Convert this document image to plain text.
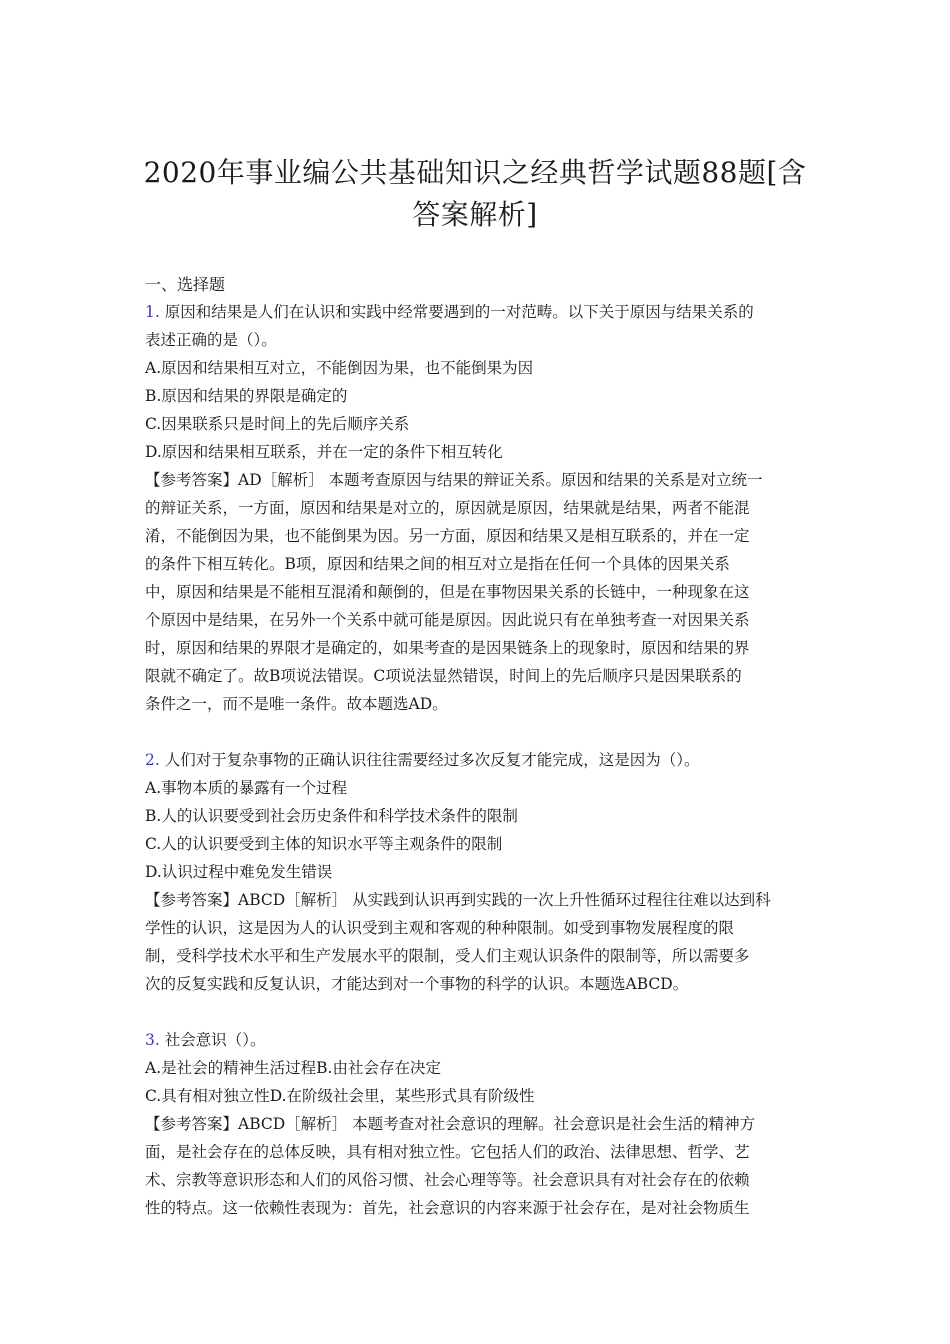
2020年事业编公共基础知识之经典哲学试题88题[含
答案解析]

一、选择题

1. 原因和结果是人们在认识和实践中经常要遇到的一对范畴。以下关于原因与结果关系的

表述正确的是（）。

A.原因和结果相互对立，不能倒因为果，也不能倒果为因

B.原因和结果的界限是确定的

C.因果联系只是时间上的先后顺序关系

D.原因和结果相互联系，并在一定的条件下相互转化

【参考答案】AD［解析］ 本题考查原因与结果的辩证关系。原因和结果的关系是对立统一

的辩证关系，一方面，原因和结果是对立的，原因就是原因，结果就是结果，两者不能混

淆，不能倒因为果，也不能倒果为因。另一方面，原因和结果又是相互联系的，并在一定

的条件下相互转化。B项，原因和结果之间的相互对立是指在任何一个具体的因果关系

中，原因和结果是不能相互混淆和颠倒的，但是在事物因果关系的长链中，一种现象在这

个原因中是结果，在另外一个关系中就可能是原因。因此说只有在单独考查一对因果关系

时，原因和结果的界限才是确定的，如果考查的是因果链条上的现象时，原因和结果的界

限就不确定了。故B项说法错误。C项说法显然错误，时间上的先后顺序只是因果联系的

条件之一，而不是唯一条件。故本题选AD。

2. 人们对于复杂事物的正确认识往往需要经过多次反复才能完成，这是因为（）。

A.事物本质的暴露有一个过程

B.人的认识要受到社会历史条件和科学技术条件的限制

C.人的认识要受到主体的知识水平等主观条件的限制

D.认识过程中难免发生错误

【参考答案】ABCD［解析］ 从实践到认识再到实践的一次上升性循环过程往往难以达到科

学性的认识，这是因为人的认识受到主观和客观的种种限制。如受到事物发展程度的限

制，受科学技术水平和生产发展水平的限制，受人们主观认识条件的限制等，所以需要多

次的反复实践和反复认识，才能达到对一个事物的科学的认识。本题选ABCD。

3. 社会意识（）。

A.是社会的精神生活过程B.由社会存在决定

C.具有相对独立性D.在阶级社会里，某些形式具有阶级性

【参考答案】ABCD［解析］ 本题考查对社会意识的理解。社会意识是社会生活的精神方

面，是社会存在的总体反映，具有相对独立性。它包括人们的政治、法律思想、哲学、艺

术、宗教等意识形态和人们的风俗习惯、社会心理等等。社会意识具有对社会存在的依赖

性的特点。这一依赖性表现为：首先，社会意识的内容来源于社会存在，是对社会物质生
